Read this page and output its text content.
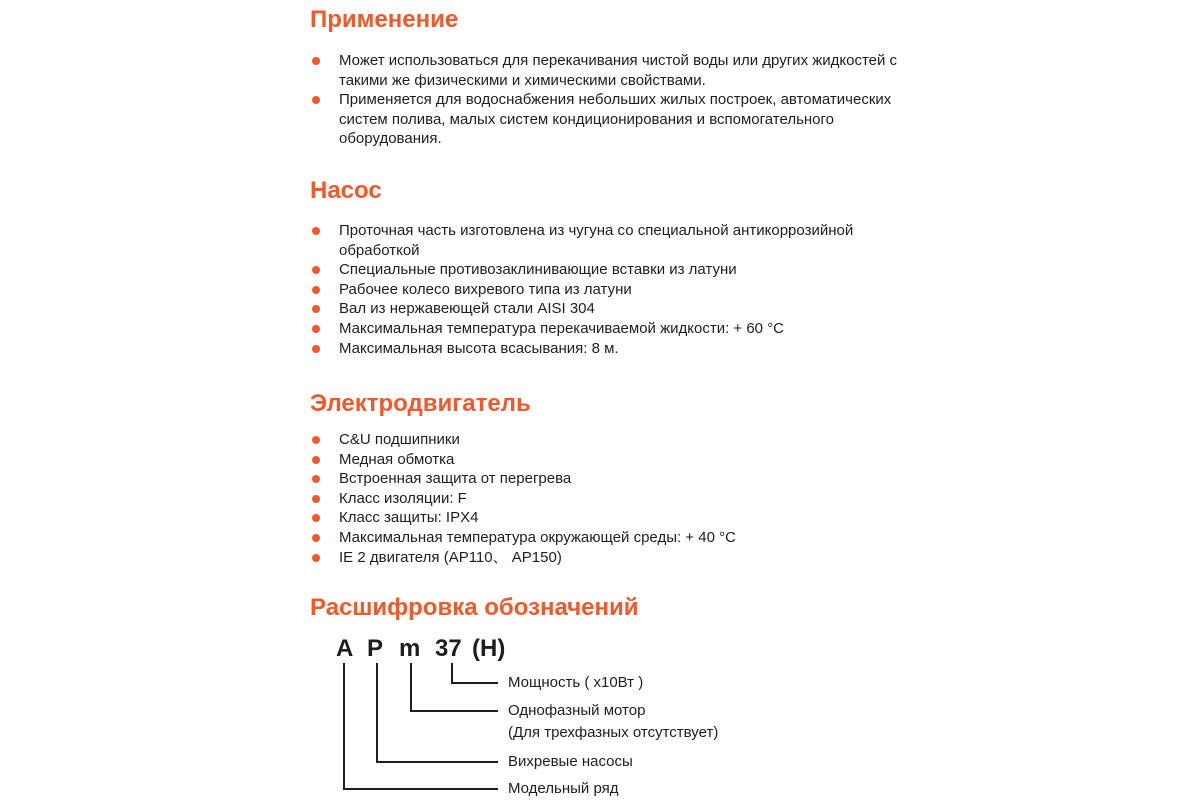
Применение
Может использоваться для перекачивания чистой воды или других жидкостей с такими же физическими и химическими свойствами.
Применяется для водоснабжения небольших жилых построек, автоматических систем полива, малых систем кондиционирования и вспомогательного оборудования.
Насос
Проточная часть изготовлена из чугуна со специальной антикоррозийной обработкой
Специальные противозаклинивающие вставки из латуни
Рабочее колесо вихревого типа из латуни
Вал из нержавеющей стали AISI 304
Максимальная температура перекачиваемой жидкости: + 60 °С
Максимальная высота всасывания: 8 м.
Электродвигатель
C&U подшипники
Медная обмотка
Встроенная защита от перегрева
Класс изоляции: F
Класс защиты: IPX4
Максимальная температура окружающей среды: + 40 °С
IE 2 двигателя (AP110、 AP150)
Расшифровка обозначений
A P m 37 (H)
Мощность ( х10Вт )
Однофазный мотор
(Для трехфазных отсутствует)
Вихревые насосы
Модельный ряд
